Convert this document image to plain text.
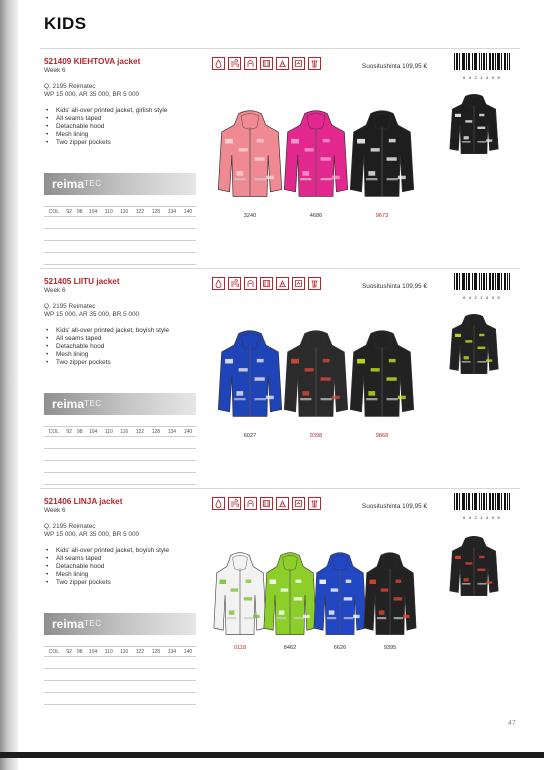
KIDS
521409 KIEHTOVA jacket
Week 6
Q. 2195 Reimatec
WP 15 000, AR 35 000, BR 5 000
• Kids' all-over printed jacket, girlish style
• All seams taped
• Detachable hood
• Mesh lining
• Two zipper pockets
reima TEC
COL	92	98	104	110	116	122	128	134	140

Suositushinta 109,95 €
6 4 2 1 4 0 9
3240	4686	9673
521405 LIITU jacket
Week 6
Q. 2195 Reimatec
WP 15 000, AR 35 000, BR 5 000
• Kids' all-over printed jacket, boyish style
• All seams taped
• Detachable hood
• Mesh lining
• Two zipper pockets
reima TEC
COL	92	98	104	110	116	122	128	134	140

Suositushinta 109,95 €
6 4 2 1 4 0 5
6027	9398	9868
521406 LINJA jacket
Week 6
Q. 2195 Reimatec
WP 15 000, AR 35 000, BR 5 000
• Kids' all-over printed jacket, boyish style
• All seams taped
• Detachable hood
• Mesh lining
• Two zipper pockets
reima TEC
COL	92	98	104	110	116	122	128	134	140

Suositushinta 109,95 €
6 4 2 1 4 0 6
0118	8462	6626	9395
47
